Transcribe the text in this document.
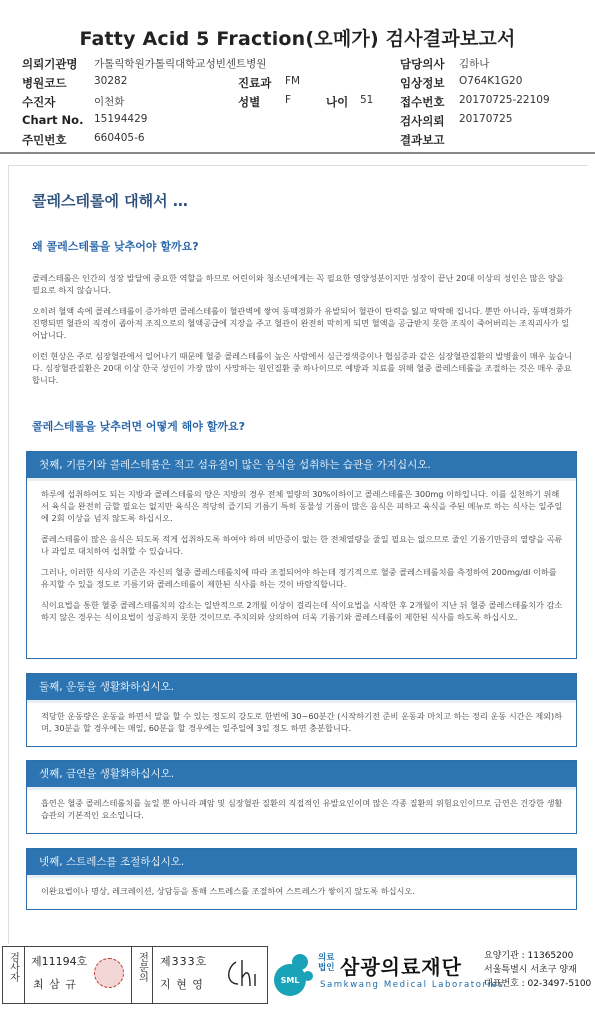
Fatty Acid 5 Fraction(오메가) 검사결과보고서
의뢰기관명 가톨릭학원가톨릭대학교성빈센트병원	담당의사 김하나
병원코드	30282	진료과 FM	임상정보 O764K1G20
수진자	이천화	성별 F	나이 51 접수번호 20170725-22109
Chart No. 15194429	검사의뢰 20170725
주민번호	660405-6	결과보고
콜레스테롤에 대해서 …
왜 콜레스테롤을 낮추어야 할까요?
콜레스테롤은 인간의 성장 발달에 중요한 역할을 하므로 어린이와 청소년에게는 꼭 필요한 영양성분이지만 성장이 끝난 20대 이상의 성인은 많은 양을 필요로 하지 않습니다.
오히려 혈액 속에 콜레스테롤이 증가하면 콜레스테롤이 혈관벽에 쌓여 동맥경화가 유발되어 혈관이 탄력을 잃고 딱딱해 집니다. 뿐만 아니라, 동맥경화가 진행되면 혈관의 직경이 좁아져 조직으로의 혈액공급에 지장을 주고 혈관이 완전히 막히게 되면 혈액을 공급받지 못한 조직이 죽어버리는 조직괴사가 일어납니다.
이런 현상은 주로 심장혈관에서 일어나기 때문에 혈중 콜레스테롤이 높은 사람에서 심근경색증이나 협심증과 같은 심장혈관질환의 발병율이 매우 높습니다. 심장혈관질환은 20대 이상 한국 성인이 가장 많이 사망하는 원인질환 중 하나이므로 예방과 치료를 위해 혈중 콜레스테롤을 조절하는 것은 매우 중요합니다.
콜레스테롤을 낮추려면 어떻게 해야 할까요?
첫째, 기름기와 콜레스테롤은 적고 섬유질이 많은 음식을 섭취하는 습관을 가지십시오.

하루에 섭취하여도 되는 지방과 콜레스테롤의 양은 지방의 경우 전체 열량의 30%이하이고 콜레스테롤은 300mg 이하입니다. 이를 실천하기 위해서 육식을 완전히 금할 필요는 없지만 육식은 적당히 즐기되 기름기 특히 동물성 기름이 많은 음식은 피하고 육식을 주된 메뉴로 하는 식사는 일주일에 2회 이상을 넘지 않도록 하십시오.

콜레스테롤이 많은 음식은 되도록 적게 섭취하도록 하여야 하며 비만증이 없는 한 전체열량을 줄일 필요는 없으므로 줄인 기름기만큼의 열량을 곡류나 과일로 대치하여 섭취할 수 있습니다.

그러나, 이러한 식사의 기준은 자신의 혈중 콜레스테롤치에 따라 조절되어야 하는데 정기적으로 혈중 콜레스테롤치를 측정하여 200mg/dl 이하를 유지할 수 있을 정도로 기름기와 콜레스테롤이 제한된 식사를 하는 것이 바람직합니다.

식이요법을 통한 혈중 콜레스테롤치의 감소는 일반적으로 2개월 이상이 걸리는데 식이요법을 시작한 후 2개월이 지난 뒤 혈중 콜레스테롤치가 감소하지 않은 경우는 식이요법이 성공하지 못한 것이므로 주치의와 상의하여 더욱 기름기와 콜레스테롤이 제한된 식사를 하도록 하십시오.

둘째, 운동을 생활화하십시오.

적당한 운동량은 운동을 하면서 말을 할 수 있는 정도의 강도로 한번에 30~60분간 (시작하기전 준비 운동과 마치고 하는 정리 운동 시간은 제외)하며, 30분을 할 경우에는 매일, 60분을 할 경우에는 일주일에 3일 정도 하면 충분합니다.

셋째, 금연을 생활화하십시오.

흡연은 혈중 콜레스테롤치를 높일 뿐 아니라 폐암 및 심장혈관 질환의 직접적인 유발요인이며 많은 각종 질환의 위험요인이므로 금연은 건강한 생활습관의 기본적인 요소입니다.

넷째, 스트레스를 조절하십시오.

이완요법이나 명상, 레크레이션, 상담등을 통해 스트레스를 조절하여 스트레스가 쌓이지 않도록 하십시오.

검사자 제11194호
최 삼 규
전문의 제333호
지 현 영	SML
의료법인 삼광의료재단
Samkwang Medical Laboratories
요양기관 : 11365200
서울특별시 서초구 양재
대표번호 : 02-3497-5100
